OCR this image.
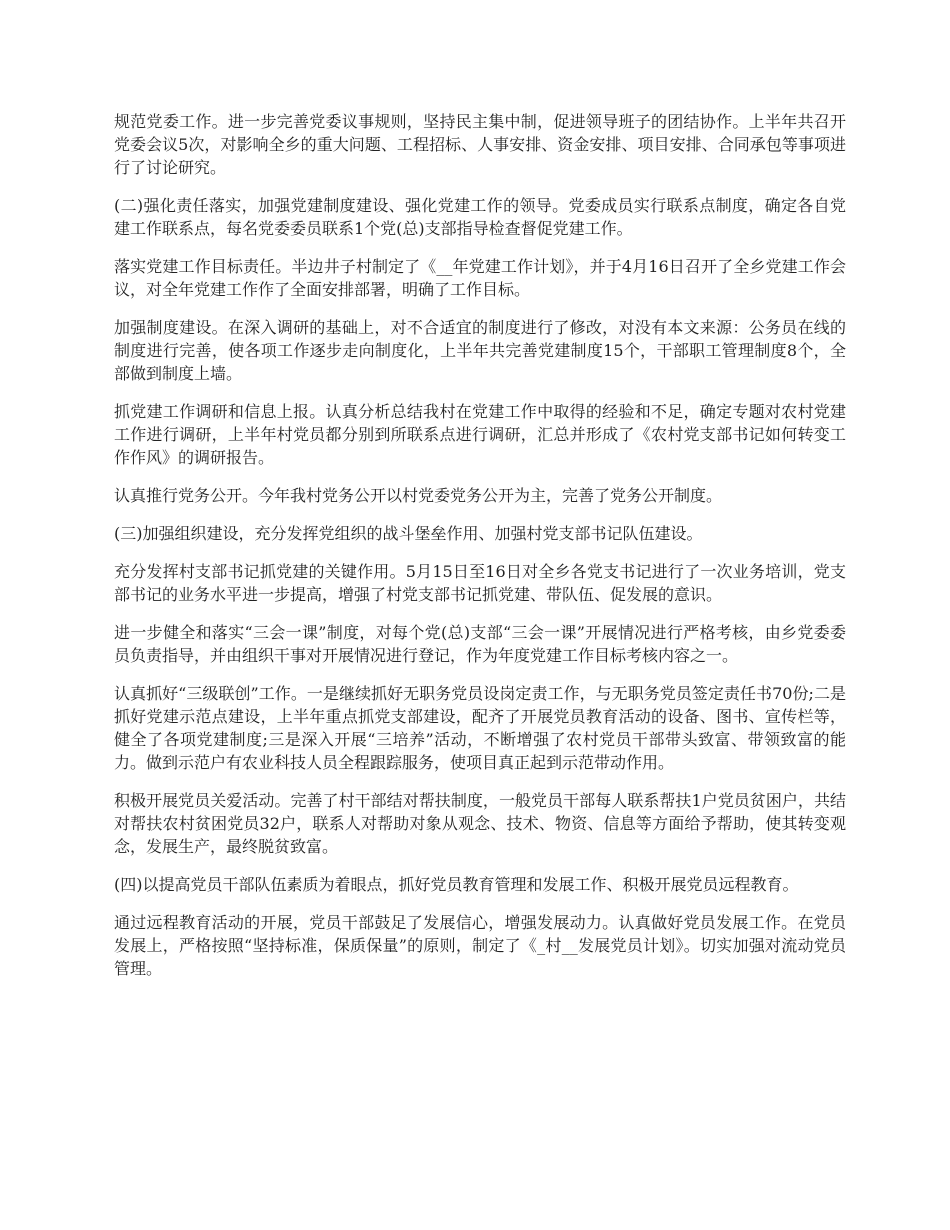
规范党委工作。进一步完善党委议事规则，坚持民主集中制，促进领导班子的团结协作。上半年共召开党委会议5次，对影响全乡的重大问题、工程招标、人事安排、资金安排、项目安排、合同承包等事项进行了讨论研究。

(二)强化责任落实，加强党建制度建设、强化党建工作的领导。党委成员实行联系点制度，确定各自党建工作联系点，每名党委委员联系1个党(总)支部指导检查督促党建工作。

落实党建工作目标责任。半边井子村制定了《__年党建工作计划》，并于4月16日召开了全乡党建工作会议，对全年党建工作作了全面安排部署，明确了工作目标。

加强制度建设。在深入调研的基础上，对不合适宜的制度进行了修改，对没有本文来源：公务员在线的制度进行完善，使各项工作逐步走向制度化，上半年共完善党建制度15个，干部职工管理制度8个，全部做到制度上墙。

抓党建工作调研和信息上报。认真分析总结我村在党建工作中取得的经验和不足，确定专题对农村党建工作进行调研，上半年村党员都分别到所联系点进行调研，汇总并形成了《农村党支部书记如何转变工作作风》的调研报告。

认真推行党务公开。今年我村党务公开以村党委党务公开为主，完善了党务公开制度。

(三)加强组织建设，充分发挥党组织的战斗堡垒作用、加强村党支部书记队伍建设。

充分发挥村支部书记抓党建的关键作用。5月15日至16日对全乡各党支书记进行了一次业务培训，党支部书记的业务水平进一步提高，增强了村党支部书记抓党建、带队伍、促发展的意识。

进一步健全和落实“三会一课”制度，对每个党(总)支部“三会一课”开展情况进行严格考核，由乡党委委员负责指导，并由组织干事对开展情况进行登记，作为年度党建工作目标考核内容之一。

认真抓好“三级联创”工作。一是继续抓好无职务党员设岗定责工作，与无职务党员签定责任书70份;二是抓好党建示范点建设，上半年重点抓党支部建设，配齐了开展党员教育活动的设备、图书、宣传栏等，健全了各项党建制度;三是深入开展“三培养”活动，不断增强了农村党员干部带头致富、带领致富的能力。做到示范户有农业科技人员全程跟踪服务，使项目真正起到示范带动作用。

积极开展党员关爱活动。完善了村干部结对帮扶制度，一般党员干部每人联系帮扶1户党员贫困户，共结对帮扶农村贫困党员32户，联系人对帮助对象从观念、技术、物资、信息等方面给予帮助，使其转变观念，发展生产，最终脱贫致富。

(四)以提高党员干部队伍素质为着眼点，抓好党员教育管理和发展工作、积极开展党员远程教育。

通过远程教育活动的开展，党员干部鼓足了发展信心，增强发展动力。认真做好党员发展工作。在党员发展上，严格按照“坚持标准，保质保量”的原则，制定了《_村__发展党员计划》。切实加强对流动党员管理。
